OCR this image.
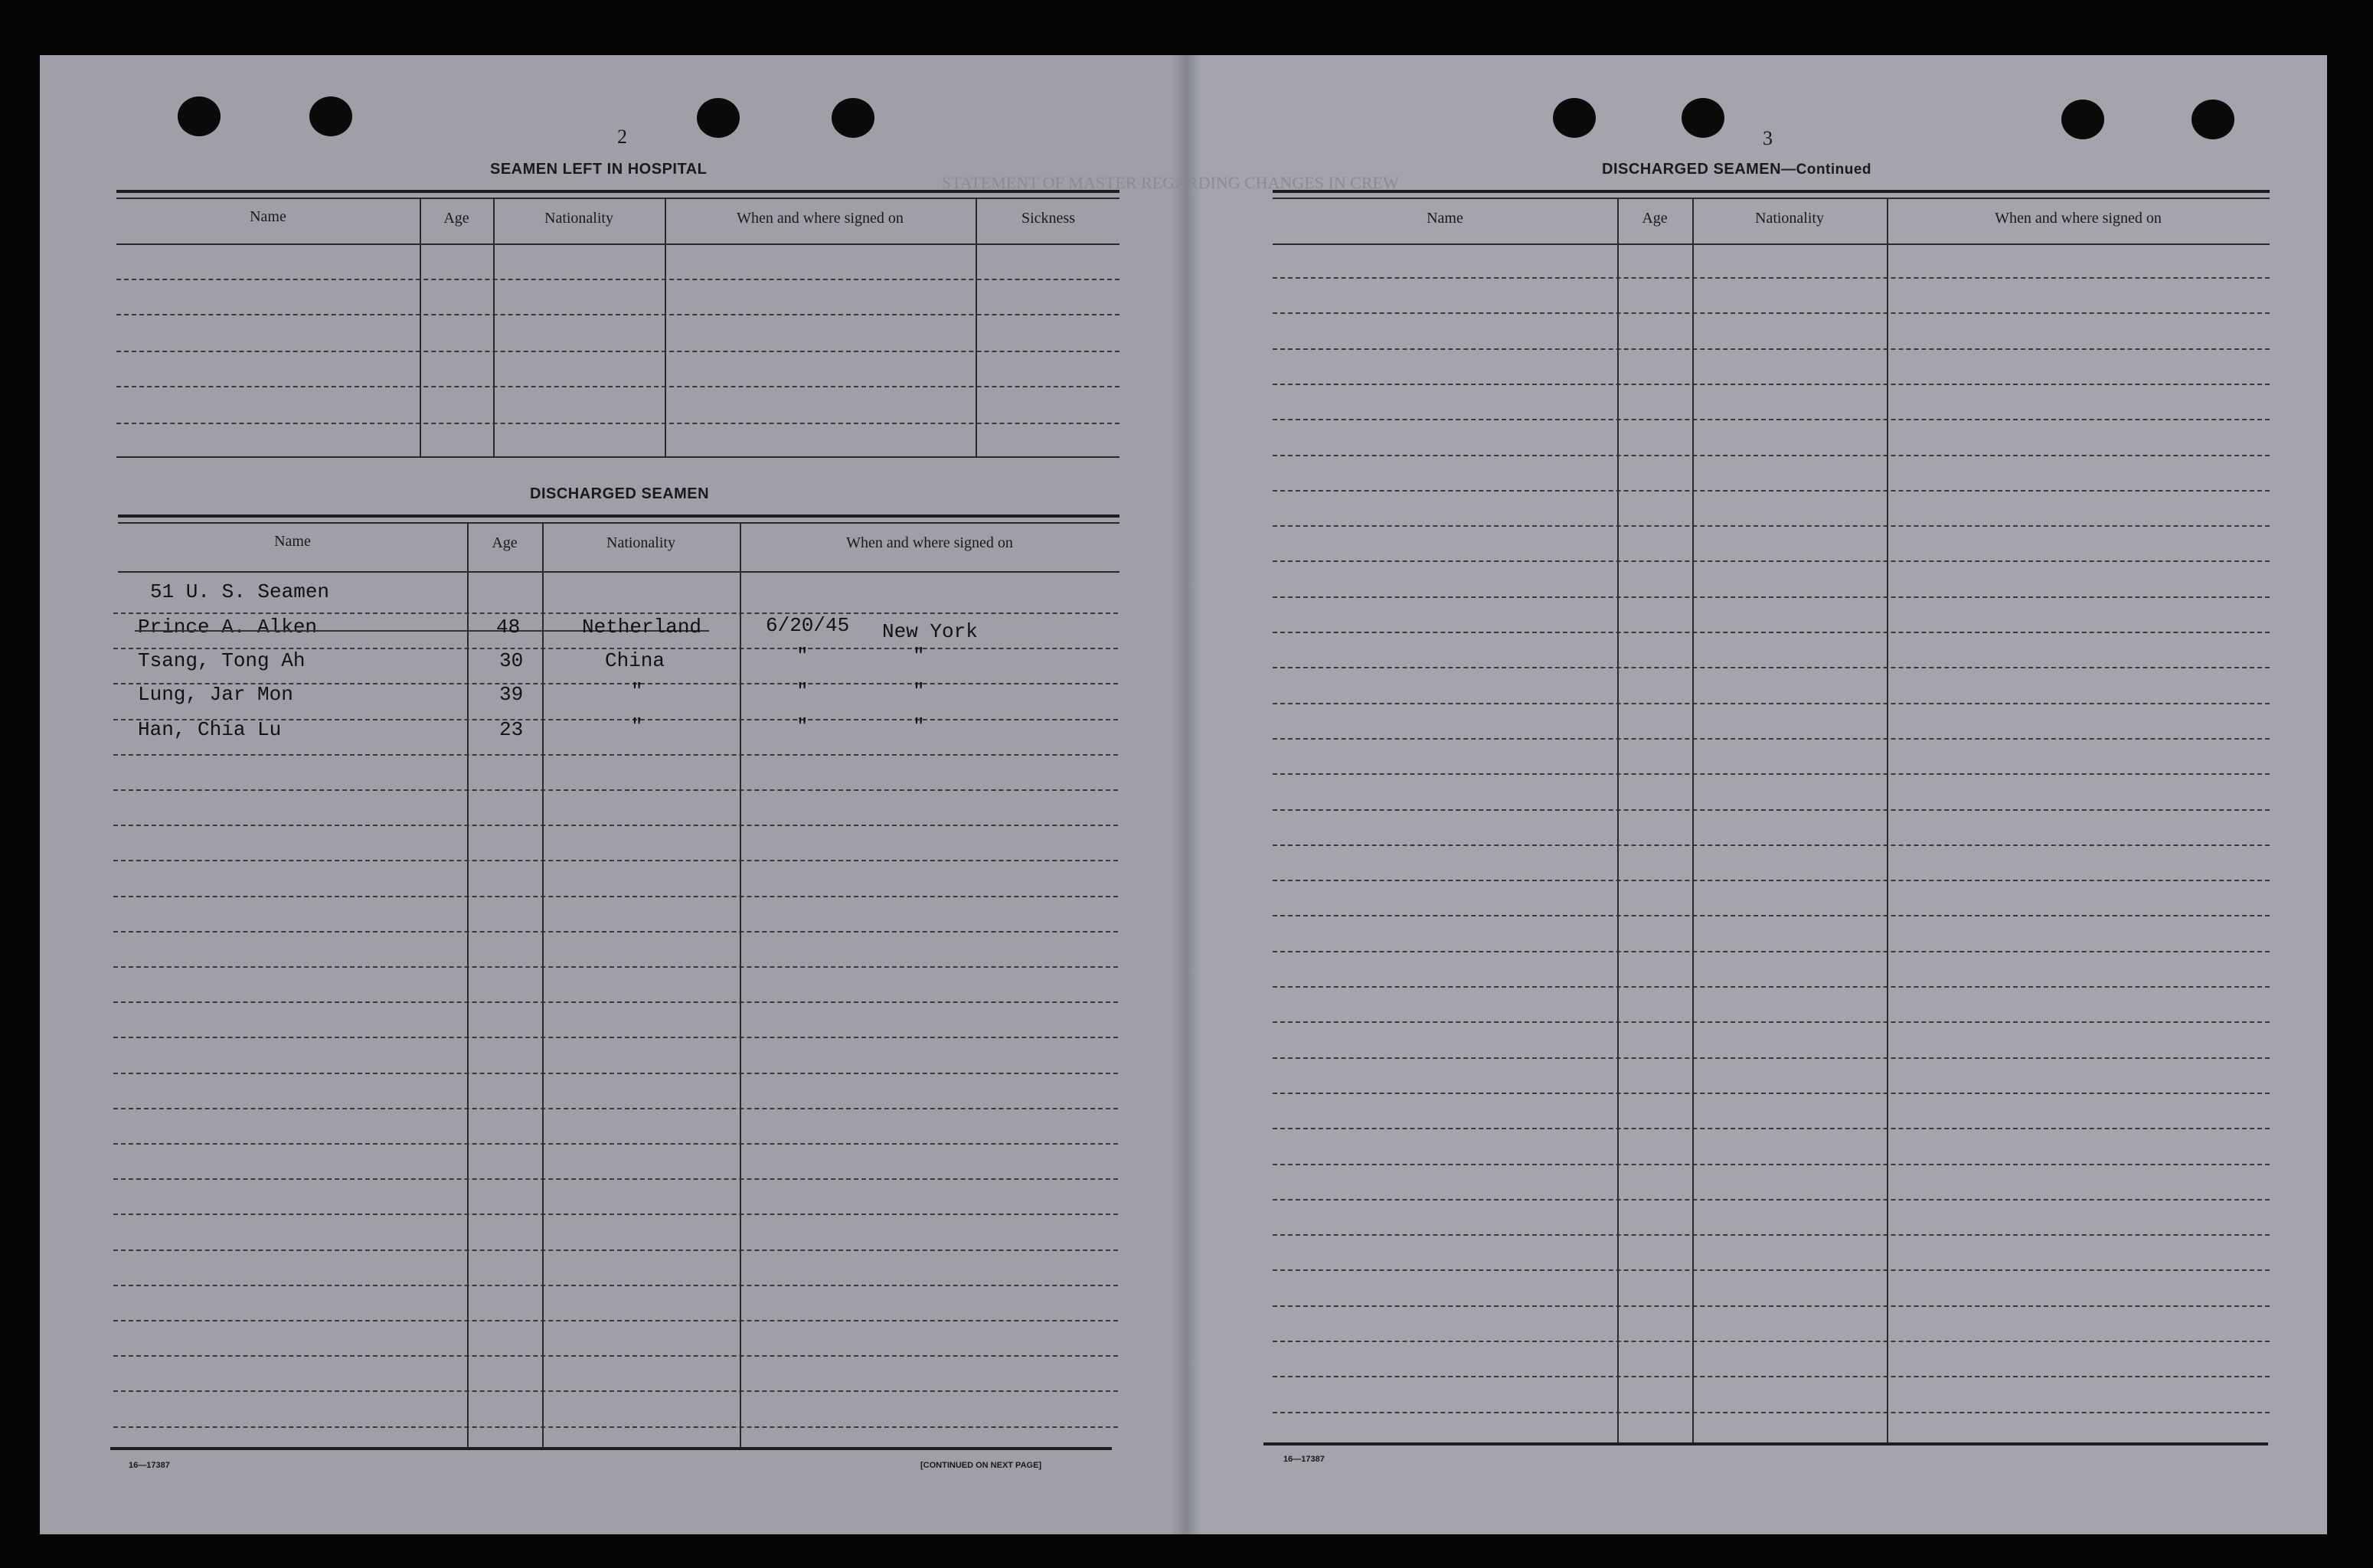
2
SEAMEN LEFT IN HOSPITAL
Name	Age	Nationality	When and where signed on	Sickness
STATEMENT OF MASTER REGARDING CHANGES IN CREW
DISCHARGED SEAMEN
Name	Age	Nationality	When and where signed on
51 U. S. Seamen
Prince A. Alken	48	Netherland	6/20/45 New York
Tsang, Tong Ah	30	China	"	"
Lung, Jar Mon	39	"	"	"
Han, Chia Lu	23	"	"	"
16—17387	[CONTINUED ON NEXT PAGE]
3
DISCHARGED SEAMEN—Continued
Name	Age	Nationality	When and where signed on
16—17387
